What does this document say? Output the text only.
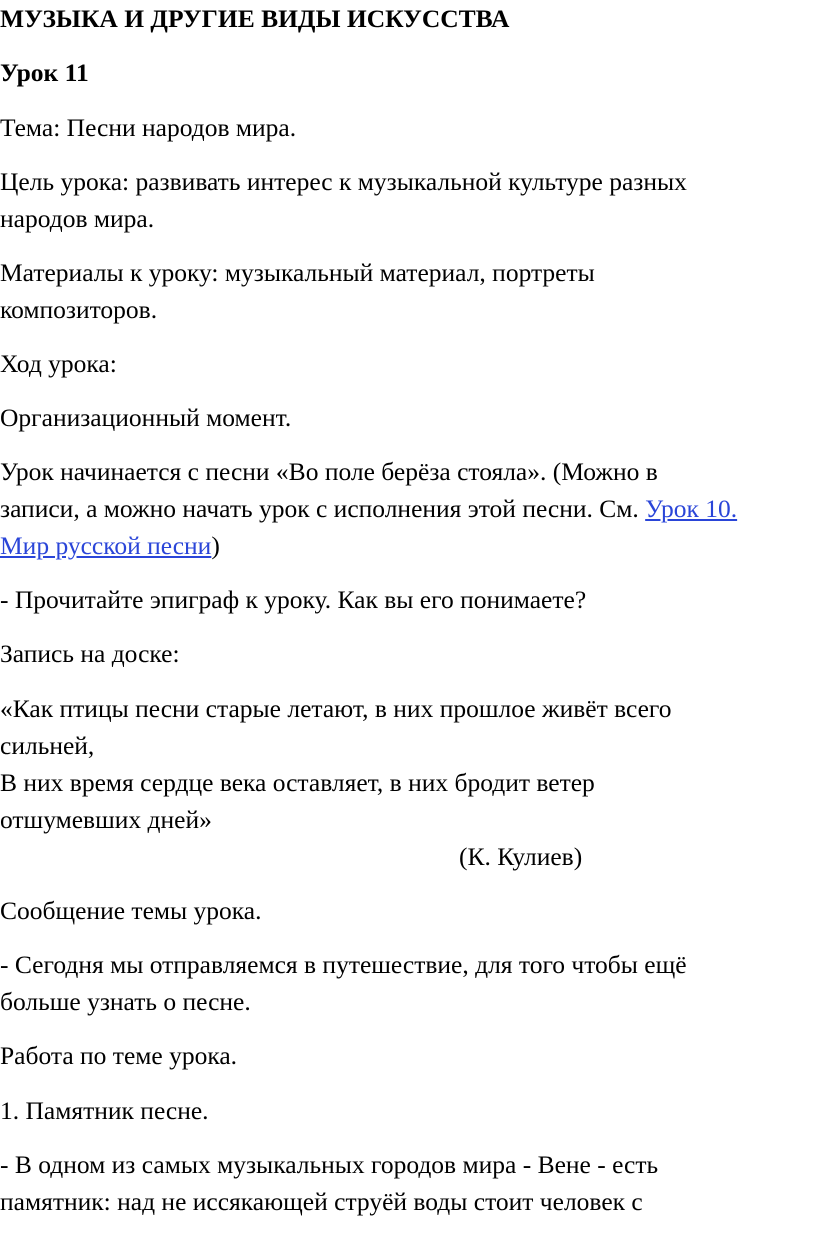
МУЗЫКА И ДРУГИЕ ВИДЫ ИСКУССТВА
Урок 11
Тема: Песни народов мира.
Цель урока: развивать интерес к музыкальной культуре разных
народов мира.
Материалы к уроку: музыкальный материал, портреты
композиторов.
Ход урока:
Организационный момент.
Урок начинается с песни «Во поле берёза стояла». (Можно в
записи, а можно начать урок с исполнения этой песни. См. Урок 10.
Мир русской песни)
- Прочитайте эпиграф к уроку. Как вы его понимаете?
Запись на доске:
«Как птицы песни старые летают, в них прошлое живёт всего
сильней,
В них время сердце века оставляет, в них бродит ветер
отшумевших дней»
(К. Кулиев)
Сообщение темы урока.
- Сегодня мы отправляемся в путешествие, для того чтобы ещё
больше узнать о песне.
Работа по теме урока.
1. Памятник песне.
- В одном из самых музыкальных городов мира - Вене - есть
памятник: над не иссякающей струёй воды стоит человек с
